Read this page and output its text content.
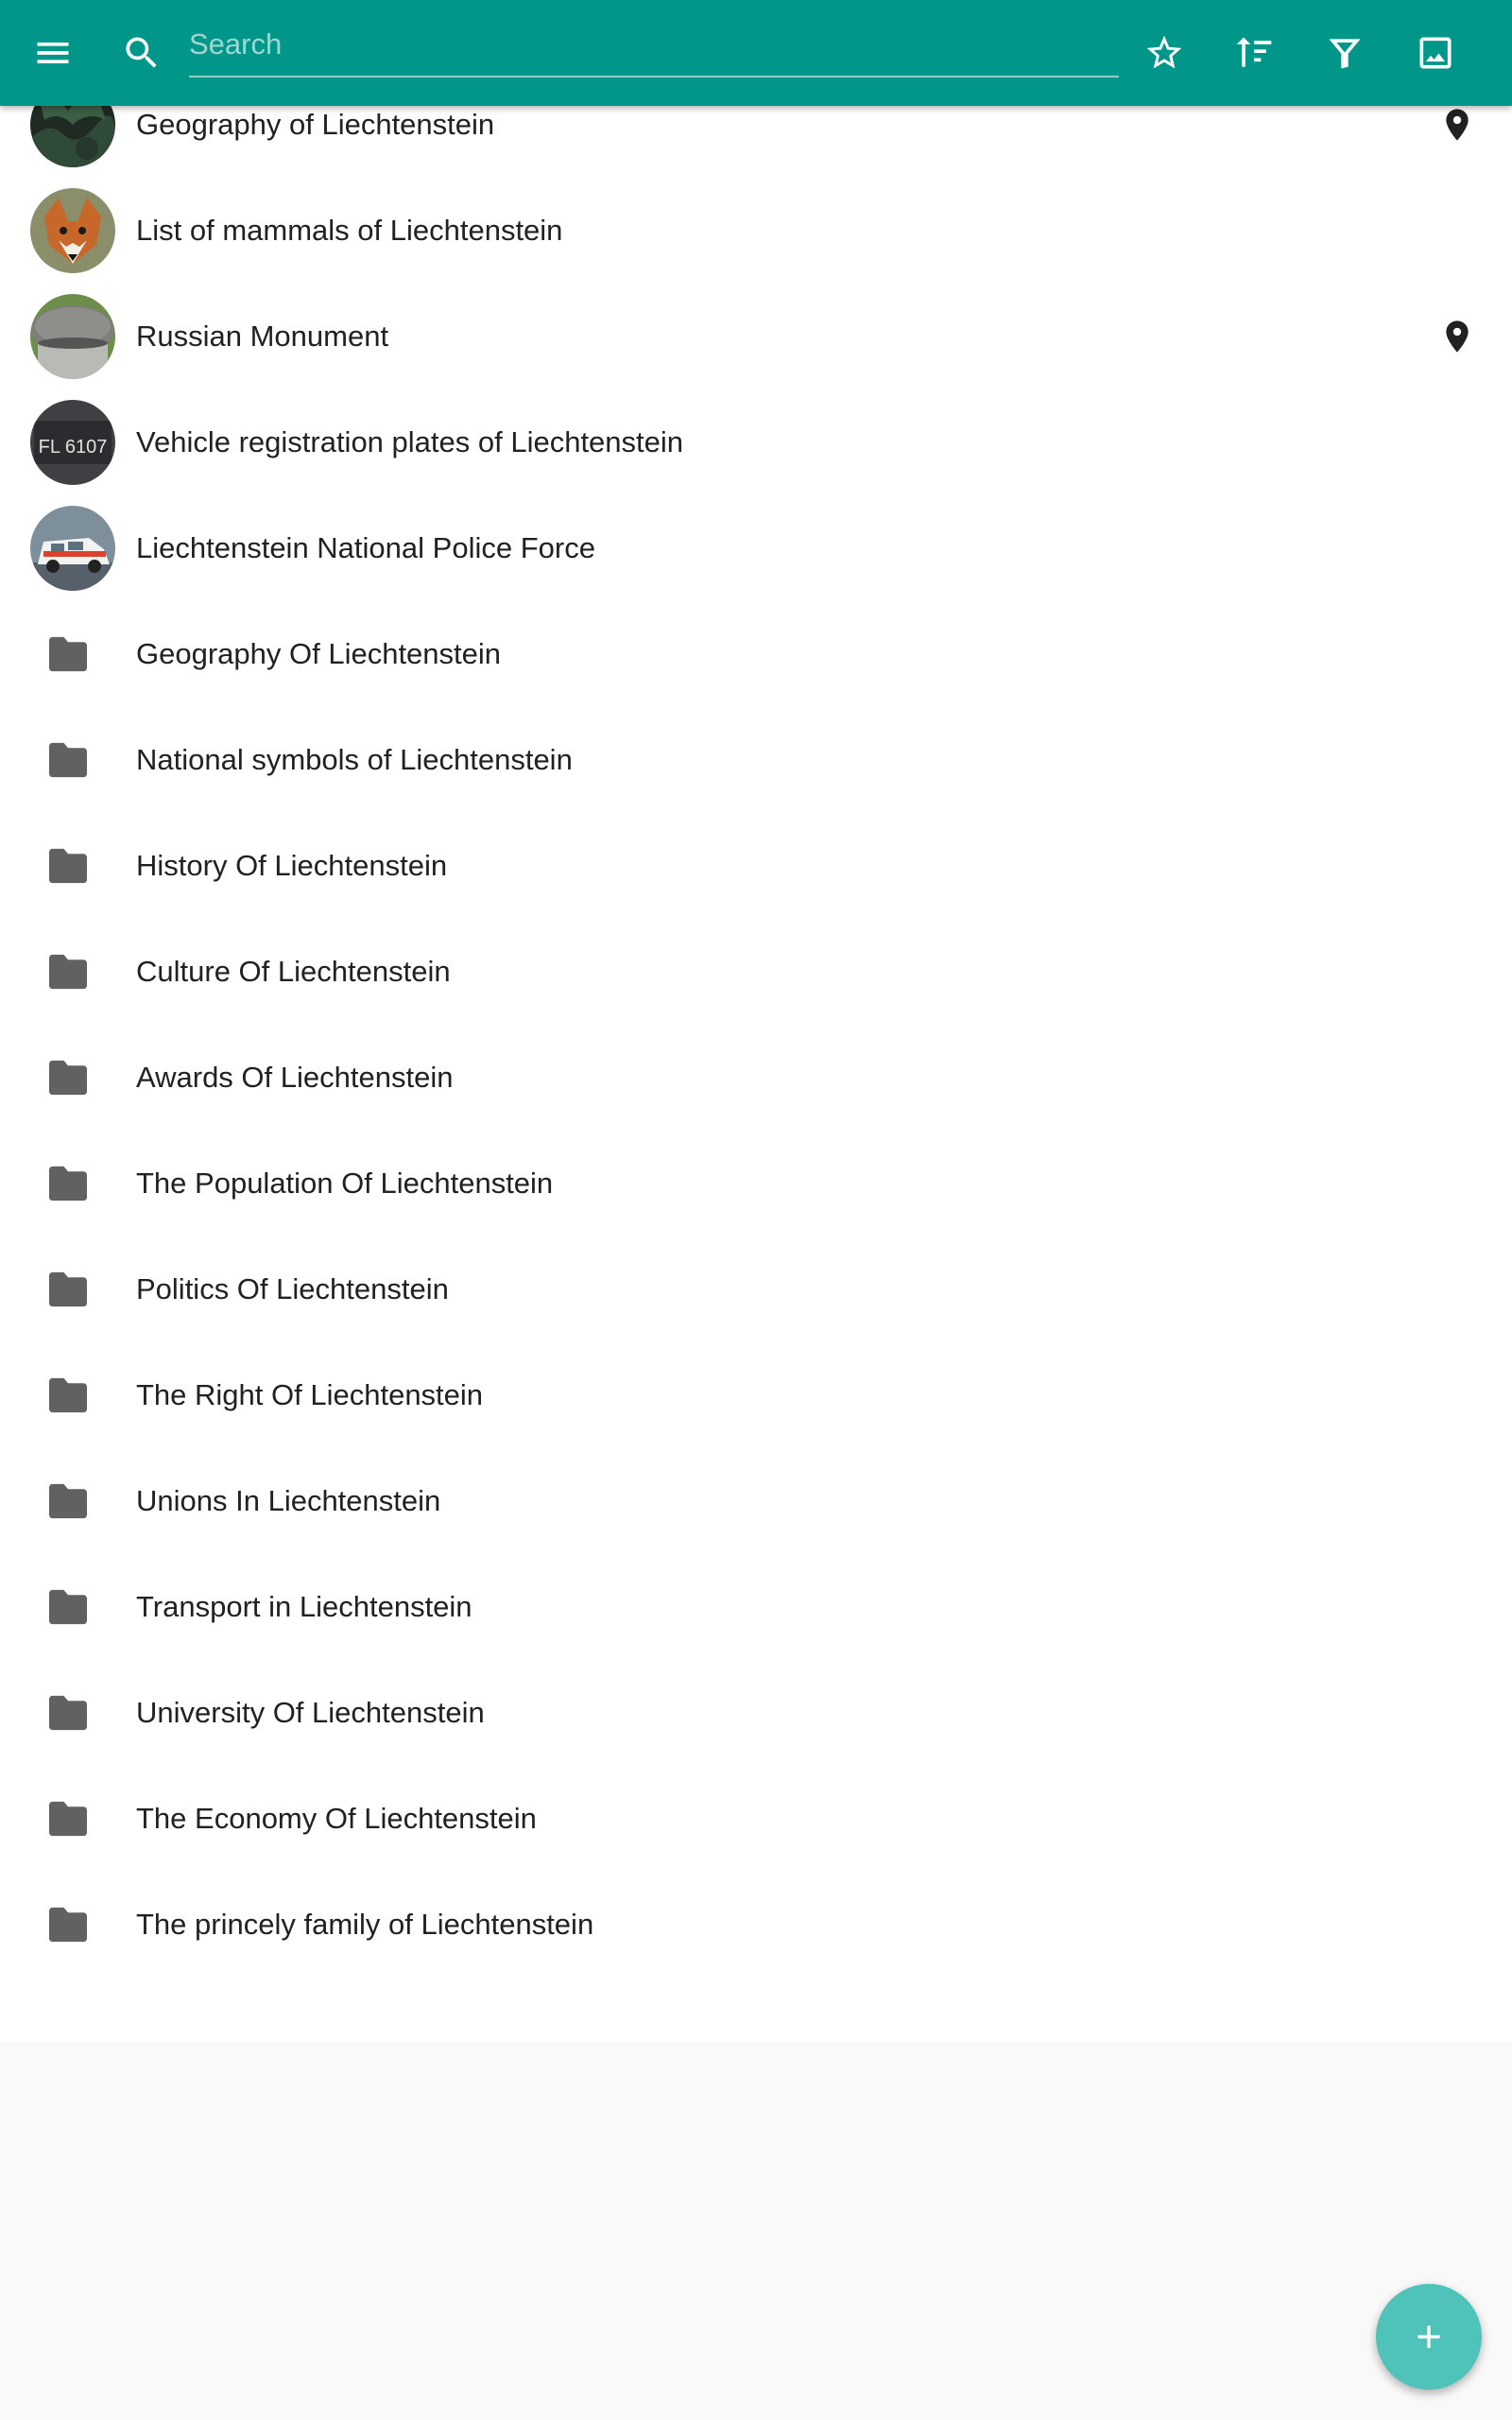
Search
Geography of Liechtenstein
List of mammals of Liechtenstein
Russian Monument
FL 6107 Vehicle registration plates of Liechtenstein
Liechtenstein National Police Force
Geography Of Liechtenstein
National symbols of Liechtenstein
History Of Liechtenstein
Culture Of Liechtenstein
Awards Of Liechtenstein
The Population Of Liechtenstein
Politics Of Liechtenstein
The Right Of Liechtenstein
Unions In Liechtenstein
Transport in Liechtenstein
University Of Liechtenstein
The Economy Of Liechtenstein
The princely family of Liechtenstein
